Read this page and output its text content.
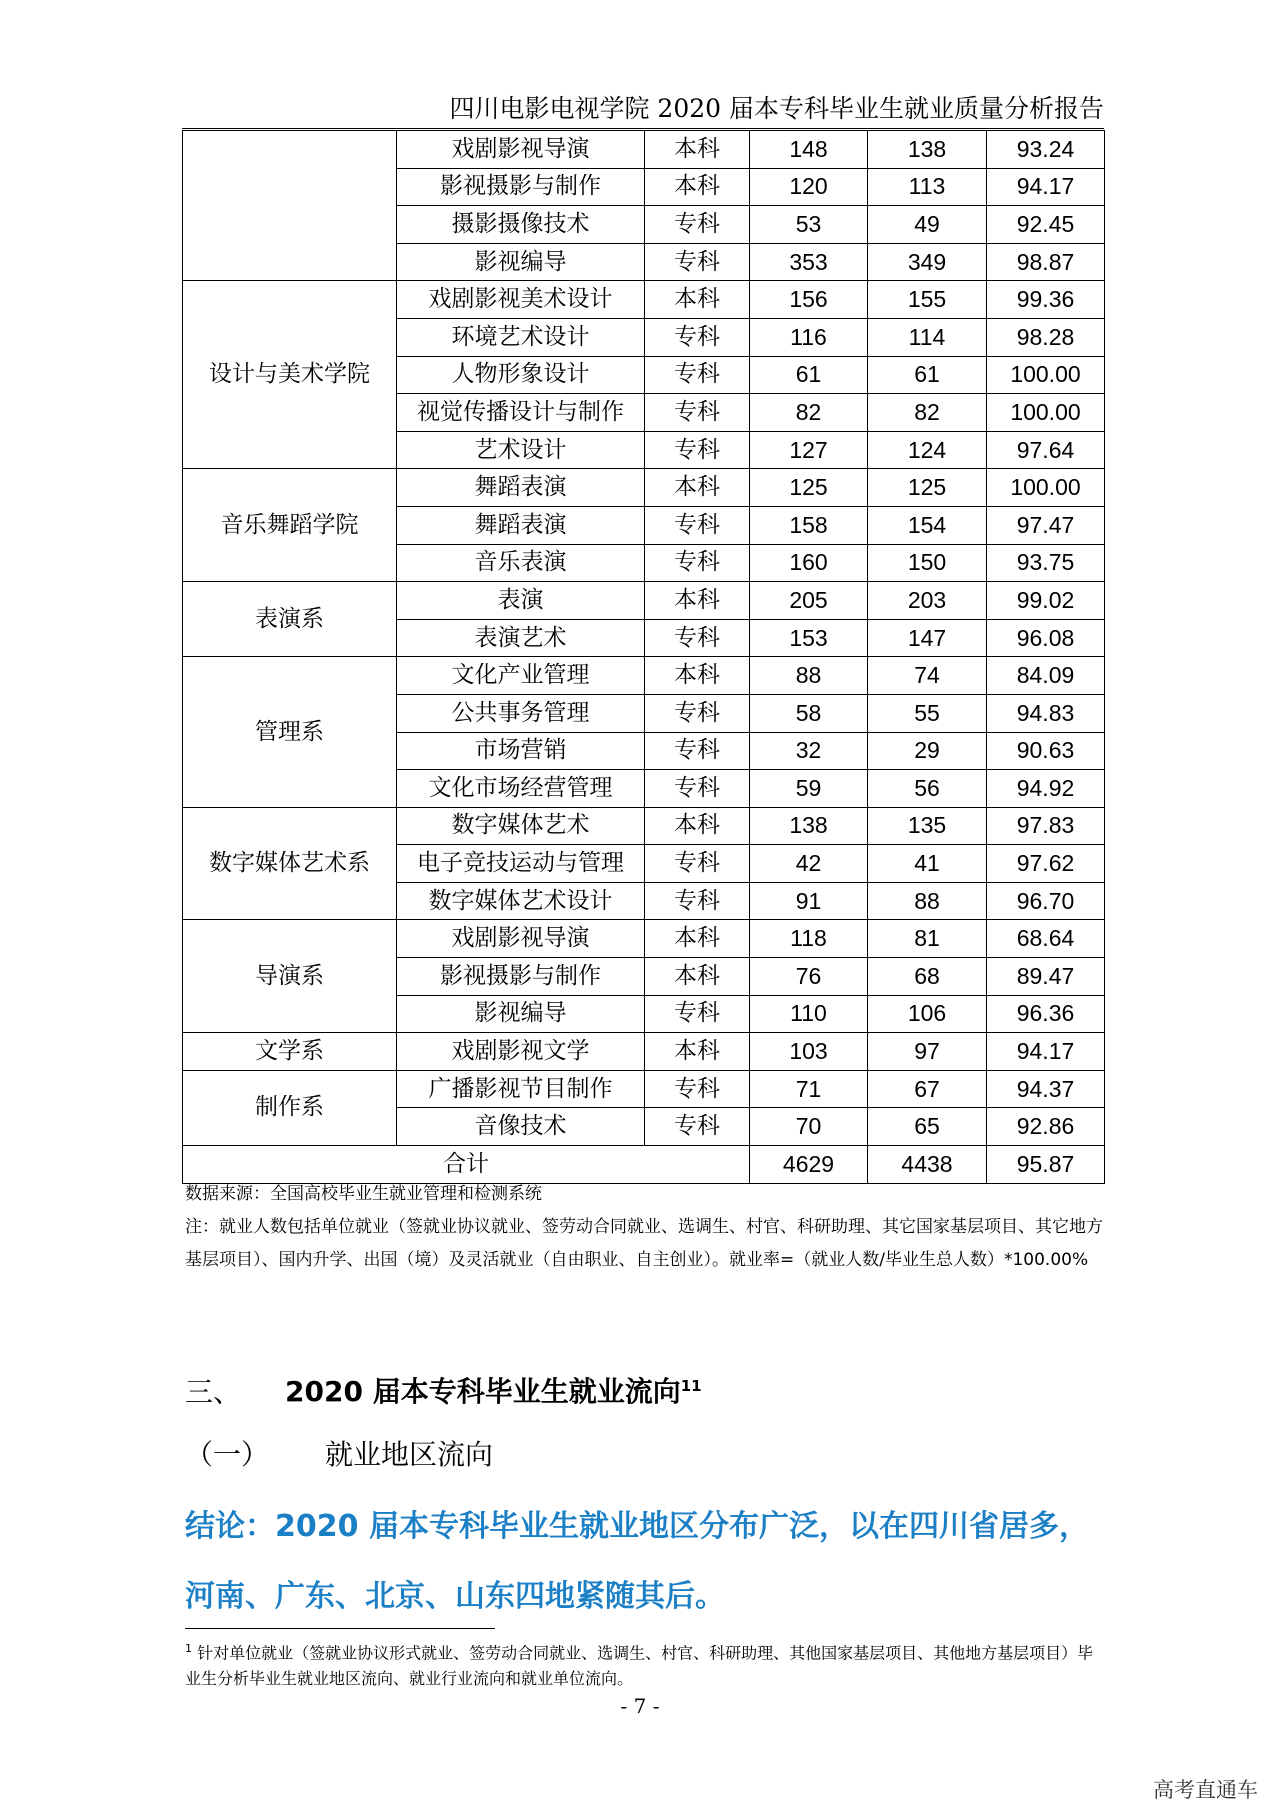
四川电影电视学院 2020 届本专科毕业生就业质量分析报告
	戏剧影视导演	本科	148	138	93.24
	影视摄影与制作	本科	120	113	94.17
	摄影摄像技术	专科	53	49	92.45
	影视编导	专科	353	349	98.87
设计与美术学院	戏剧影视美术设计	本科	156	155	99.36
	环境艺术设计	专科	116	114	98.28
	人物形象设计	专科	61	61	100.00
	视觉传播设计与制作	专科	82	82	100.00
	艺术设计	专科	127	124	97.64
音乐舞蹈学院	舞蹈表演	本科	125	125	100.00
	舞蹈表演	专科	158	154	97.47
	音乐表演	专科	160	150	93.75
表演系	表演	本科	205	203	99.02
	表演艺术	专科	153	147	96.08
管理系	文化产业管理	本科	88	74	84.09
	公共事务管理	专科	58	55	94.83
	市场营销	专科	32	29	90.63
	文化市场经营管理	专科	59	56	94.92
数字媒体艺术系	数字媒体艺术	本科	138	135	97.83
	电子竞技运动与管理	专科	42	41	97.62
	数字媒体艺术设计	专科	91	88	96.70
导演系	戏剧影视导演	本科	118	81	68.64
	影视摄影与制作	本科	76	68	89.47
	影视编导	专科	110	106	96.36
文学系	戏剧影视文学	本科	103	97	94.17
制作系	广播影视节目制作	专科	71	67	94.37
	音像技术	专科	70	65	92.86
合计			4629	4438	95.87
数据来源：全国高校毕业生就业管理和检测系统
注：就业人数包括单位就业（签就业协议就业、签劳动合同就业、选调生、村官、科研助理、其它国家基层项目、其它地方基层项目）、国内升学、出国（境）及灵活就业（自由职业、自主创业）。就业率=（就业人数/毕业生总人数）*100.00%
三、 2020 届本专科毕业生就业流向$^{11}$
（一） 就业地区流向
结论：2020 届本专科毕业生就业地区分布广泛，以在四川省居多，河南、广东、北京、山东四地紧随其后。
$^1$ 针对单位就业（签就业协议形式就业、签劳动合同就业、选调生、村官、科研助理、其他国家基层项目、其他地方基层项目）毕业生分析毕业生就业地区流向、就业行业流向和就业单位流向。
- 7 -
高考直通车
